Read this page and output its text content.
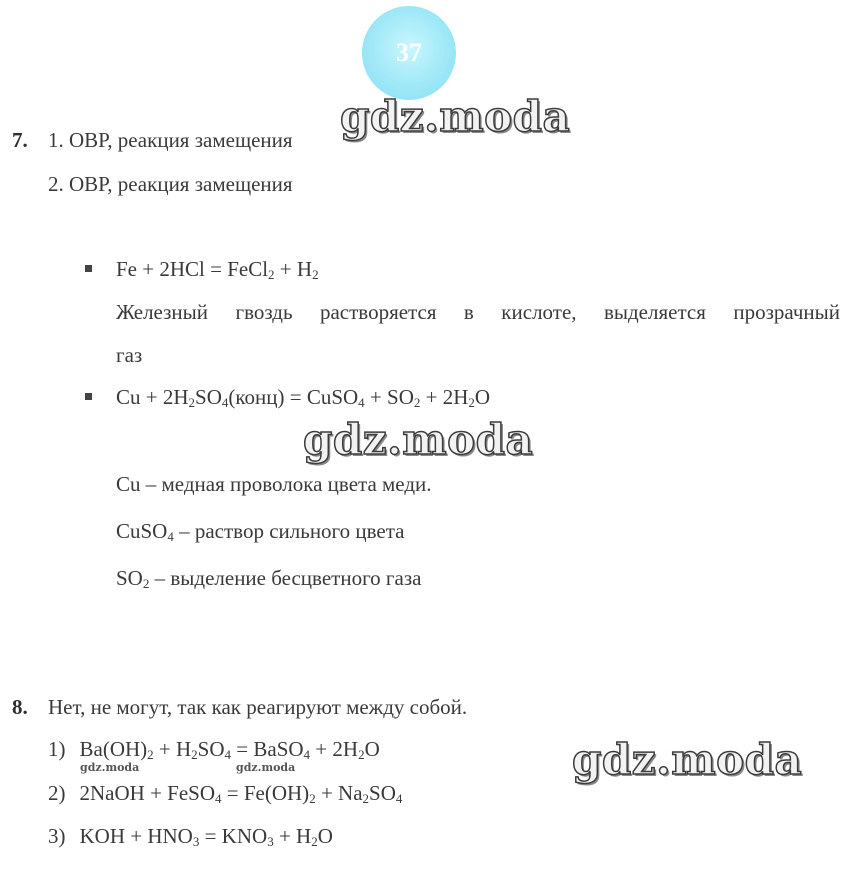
37
7. 1. ОВР, реакция замещения
2. ОВР, реакция замещения
Fe + 2HCl = FeCl$_2$ + $H_2$
Железный гвоздь растворяется в кислоте, выделяется прозрачный
газ
$Cu + 2H_2SO_4(конц)$ = CuSO$_4$ + $SO_2 + 2H_2O$
Cu – медная проволока цвета меди.
CuSO$_4$ – раствор сильного цвета
$SO_2$ – выделение бесцветного газа
8. Нет, не могут, так как реагируют между собой.
1) $Ba(OH)_2 + H_2SO_4$ = BaSO$_4$ + $2H_2O$
2) 2NaOH + FeSO$_4$ = $Fe(OH)_2 + Na_2SO_4$
3) KOH + $HNO_3 = KNO_3 + H_2O$
gdz.moda
gdz.moda
gdz.moda
gdz.moda	gdz.moda
